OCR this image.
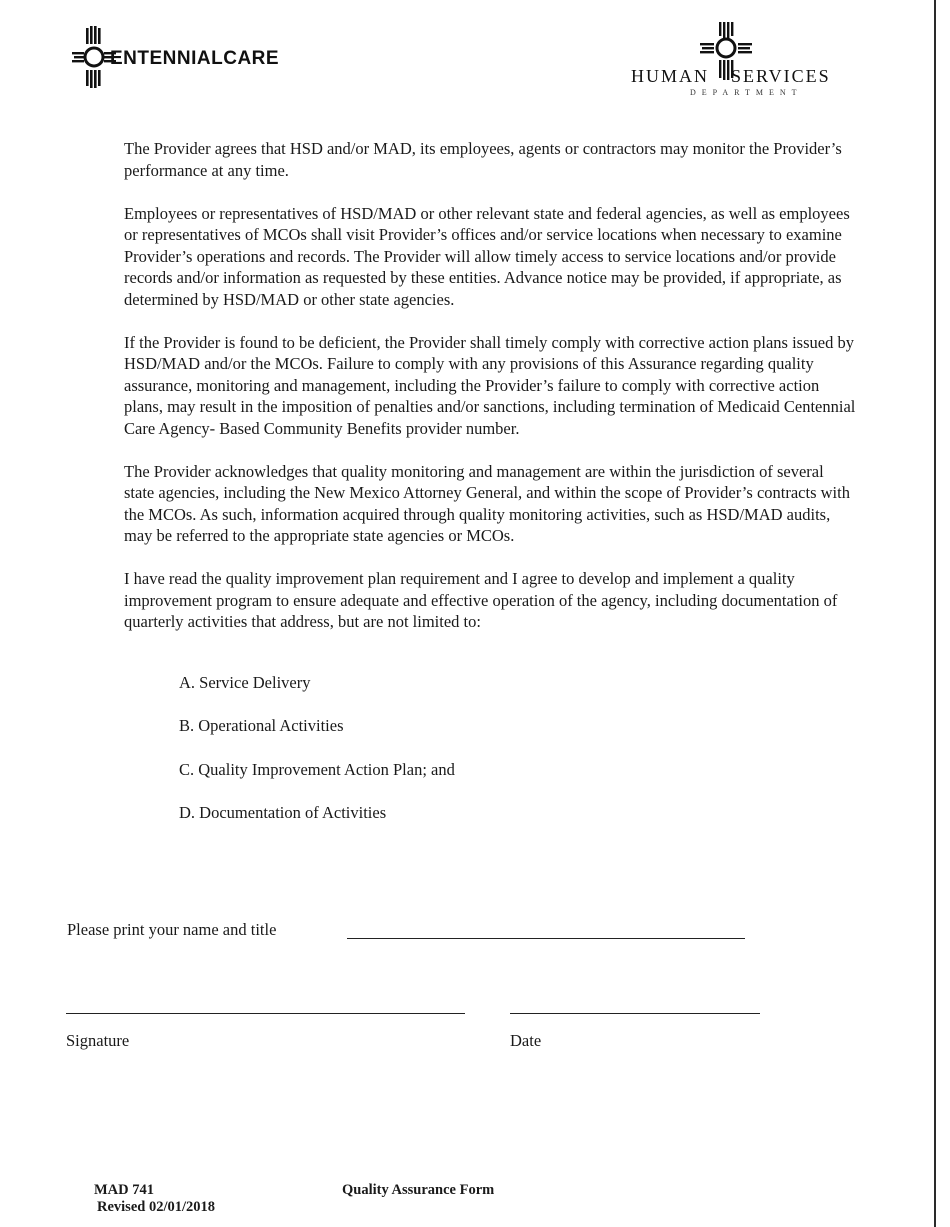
ENTENNIALCARE
HUMAN SERVICES
DEPARTMENT

The Provider agrees that HSD and/or MAD, its employees, agents or contractors may monitor the Provider’s performance at any time.

Employees or representatives of HSD/MAD or other relevant state and federal agencies, as well as employees or representatives of MCOs shall visit Provider’s offices and/or service locations when necessary to examine Provider’s operations and records. The Provider will allow timely access to service locations and/or provide records and/or information as requested by these entities. Advance notice may be provided, if appropriate, as determined by HSD/MAD or other state agencies.

If the Provider is found to be deficient, the Provider shall timely comply with corrective action plans issued by HSD/MAD and/or the MCOs. Failure to comply with any provisions of this Assurance regarding quality assurance, monitoring and management, including the Provider’s failure to comply with corrective action plans, may result in the imposition of penalties and/or sanctions, including termination of Medicaid Centennial Care Agency- Based Community Benefits provider number.

The Provider acknowledges that quality monitoring and management are within the jurisdiction of several state agencies, including the New Mexico Attorney General, and within the scope of Provider’s contracts with the MCOs. As such, information acquired through quality monitoring activities, such as HSD/MAD audits, may be referred to the appropriate state agencies or MCOs.

I have read the quality improvement plan requirement and I agree to develop and implement a quality improvement program to ensure adequate and effective operation of the agency, including documentation of quarterly activities that address, but are not limited to:

A. Service Delivery
B. Operational Activities
C. Quality Improvement Action Plan; and
D. Documentation of Activities
Please print your name and title
Signature	Date
MAD 741
Revised 02/01/2018
Quality Assurance Form
